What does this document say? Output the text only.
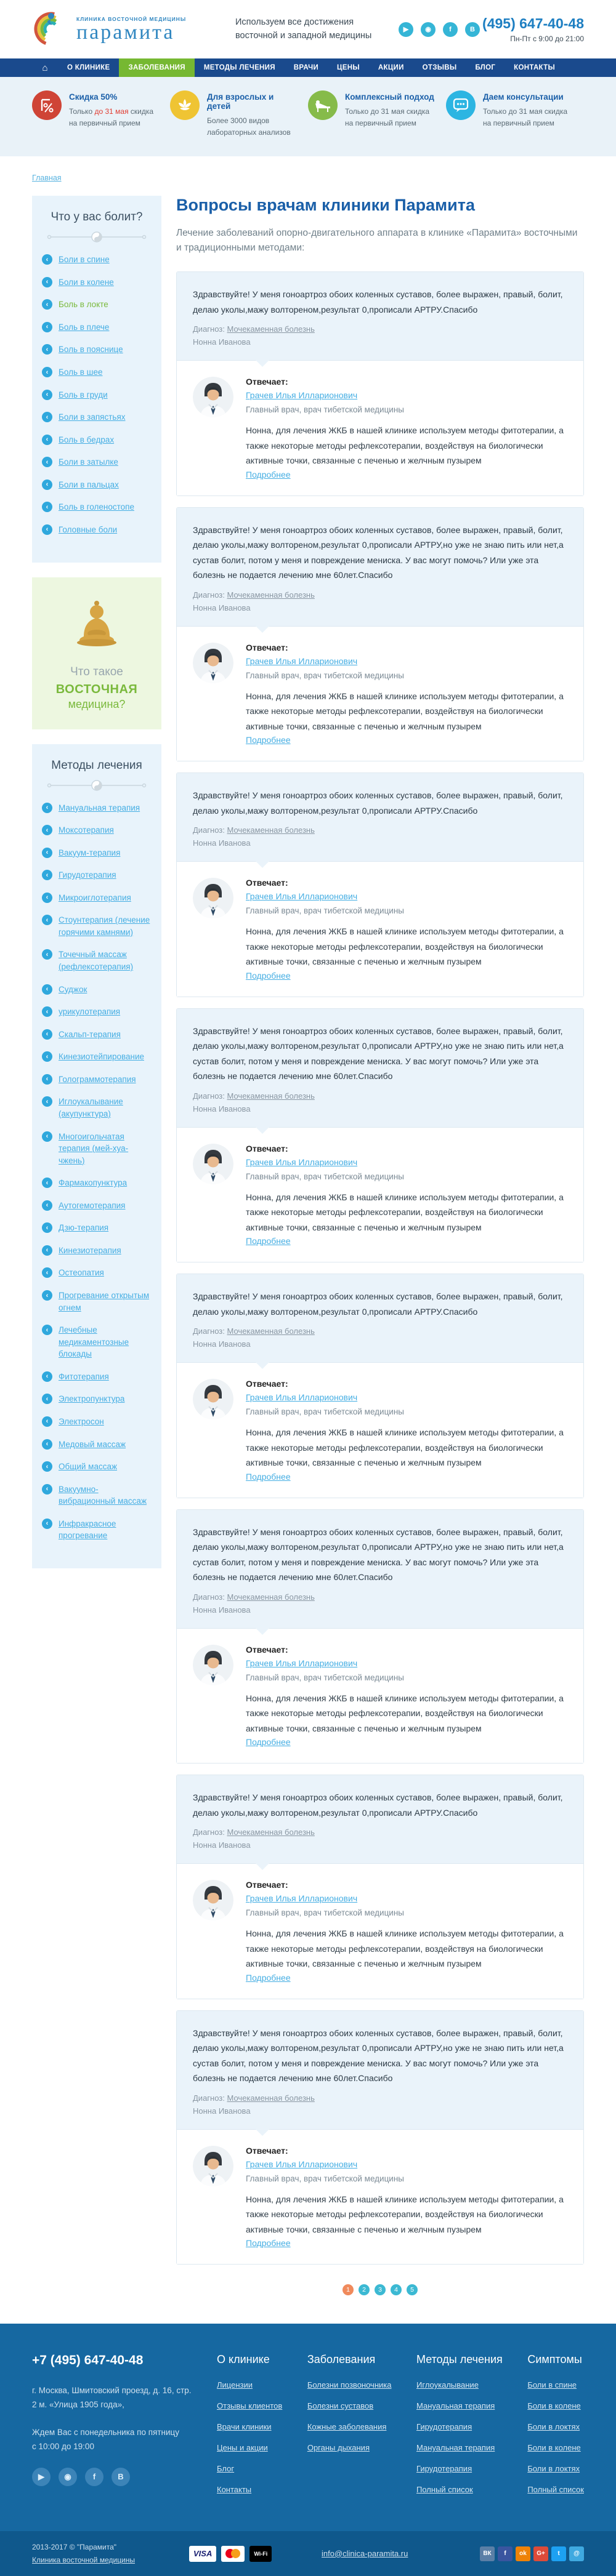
КЛИНИКА ВОСТОЧНОЙ МЕДИЦИНЫ
парамита	Используем все достижения
восточной и западной медицины
▶	◉	f	В (495) 647-40-48
Пн-Пт с 9:00 до 21:00
⌂	О КЛИНИКЕ	ЗАБОЛЕВАНИЯ	МЕТОДЫ ЛЕЧЕНИЯ	ВРАЧИ	ЦЕНЫ	АКЦИИ	ОТЗЫВЫ	БЛОГ	КОНТАКТЫ
Скидка 50%
Только до 31 мая скидка на первичный прием
Для взрослых и детей
Более 3000 видов лабораторных анализов
Комплексный подход
Только до 31 мая скидка на первичный прием
Даем консультации
Только до 31 мая скидка на первичный прием
Главная
Что у вас болит?
‹	Боли в спине
‹	Боли в колене
‹	Боль в локте
‹	Боль в плече
‹	Боль в пояснице
‹	Боль в шее
‹	Боль в груди
‹	Боли в запястьях
‹	Боль в бедрах
‹	Боли в затылке
‹	Боли в пальцах
‹	Боль в голеностопе
‹	Головные боли
Что такое
ВОСТОЧНАЯ
медицина?
Методы лечения
‹	Мануальная терапия
‹	Моксотерапия
‹	Вакуум-терапия
‹	Гирудотерапия
‹	Микроиглотерапия
‹	Стоунтерапия (лечение горячими камнями)
‹	Точечный массаж (рефлексотерапия)
‹	Суджок
‹	урикулотерапия
‹	Скальп-терапия
‹	Кинезиотейпирование
‹	Голограммотерапия
‹	Иглоукалывание (акупунктура)
‹	Многоигольчатая терапия (мей-хуа-чжень)
‹	Фармакопунктура
‹	Аутогемотерапия
‹	Дзю-терапия
‹	Кинезиотерапия
‹	Остеопатия
‹	Прогревание открытым огнем
‹	Лечебные медикаментозные блокады
‹	Фитотерапия
‹	Электропунктура
‹	Электросон
‹	Медовый массаж
‹	Общий массаж
‹	Вакуумно-вибрационный массаж
‹	Инфракрасное прогревание
Вопросы врачам клиники Парамита

Лечение заболеваний опорно-двигательного аппарата в клинике «Парамита» восточными и традиционными методами:

Здравствуйте! У меня гоноартроз обоих коленных суставов, более выражен, правый, болит, делаю уколы,мажу волтореном,результат 0,прописали АРТРУ.Спасибо

Диагноз: Мочекаменная болезнь

Нонна Иванова

Отвечает:

Грачев Илья Илларионович

Главный врач, врач тибетской медицины

Нонна, для лечения ЖКБ в нашей клинике используем методы фитотерапии, а также некоторые методы рефлексотерапии, воздействуя на биологически активные точки, связанные с печенью и желчным пузырем

Подробнее

Здравствуйте! У меня гоноартроз обоих коленных суставов, более выражен, правый, болит, делаю уколы,мажу волтореном,результат 0,прописали АРТРУ,но уже не знаю пить или нет,а сустав болит, потом у меня и повреждение мениска. У вас могут помочь? Или уже эта болезнь не подается лечению мне 60лет.Спасибо

Диагноз: Мочекаменная болезнь

Нонна Иванова

Отвечает:

Грачев Илья Илларионович

Главный врач, врач тибетской медицины

Нонна, для лечения ЖКБ в нашей клинике используем методы фитотерапии, а также некоторые методы рефлексотерапии, воздействуя на биологически активные точки, связанные с печенью и желчным пузырем

Подробнее

Здравствуйте! У меня гоноартроз обоих коленных суставов, более выражен, правый, болит, делаю уколы,мажу волтореном,результат 0,прописали АРТРУ.Спасибо

Диагноз: Мочекаменная болезнь

Нонна Иванова

Отвечает:

Грачев Илья Илларионович

Главный врач, врач тибетской медицины

Нонна, для лечения ЖКБ в нашей клинике используем методы фитотерапии, а также некоторые методы рефлексотерапии, воздействуя на биологически активные точки, связанные с печенью и желчным пузырем

Подробнее

Здравствуйте! У меня гоноартроз обоих коленных суставов, более выражен, правый, болит, делаю уколы,мажу волтореном,результат 0,прописали АРТРУ,но уже не знаю пить или нет,а сустав болит, потом у меня и повреждение мениска. У вас могут помочь? Или уже эта болезнь не подается лечению мне 60лет.Спасибо

Диагноз: Мочекаменная болезнь

Нонна Иванова

Отвечает:

Грачев Илья Илларионович

Главный врач, врач тибетской медицины

Нонна, для лечения ЖКБ в нашей клинике используем методы фитотерапии, а также некоторые методы рефлексотерапии, воздействуя на биологически активные точки, связанные с печенью и желчным пузырем

Подробнее

Здравствуйте! У меня гоноартроз обоих коленных суставов, более выражен, правый, болит, делаю уколы,мажу волтореном,результат 0,прописали АРТРУ.Спасибо

Диагноз: Мочекаменная болезнь

Нонна Иванова

Отвечает:

Грачев Илья Илларионович

Главный врач, врач тибетской медицины

Нонна, для лечения ЖКБ в нашей клинике используем методы фитотерапии, а также некоторые методы рефлексотерапии, воздействуя на биологически активные точки, связанные с печенью и желчным пузырем

Подробнее

Здравствуйте! У меня гоноартроз обоих коленных суставов, более выражен, правый, болит, делаю уколы,мажу волтореном,результат 0,прописали АРТРУ,но уже не знаю пить или нет,а сустав болит, потом у меня и повреждение мениска. У вас могут помочь? Или уже эта болезнь не подается лечению мне 60лет.Спасибо

Диагноз: Мочекаменная болезнь

Нонна Иванова

Отвечает:

Грачев Илья Илларионович

Главный врач, врач тибетской медицины

Нонна, для лечения ЖКБ в нашей клинике используем методы фитотерапии, а также некоторые методы рефлексотерапии, воздействуя на биологически активные точки, связанные с печенью и желчным пузырем

Подробнее

Здравствуйте! У меня гоноартроз обоих коленных суставов, более выражен, правый, болит, делаю уколы,мажу волтореном,результат 0,прописали АРТРУ.Спасибо

Диагноз: Мочекаменная болезнь

Нонна Иванова

Отвечает:

Грачев Илья Илларионович

Главный врач, врач тибетской медицины

Нонна, для лечения ЖКБ в нашей клинике используем методы фитотерапии, а также некоторые методы рефлексотерапии, воздействуя на биологически активные точки, связанные с печенью и желчным пузырем

Подробнее

Здравствуйте! У меня гоноартроз обоих коленных суставов, более выражен, правый, болит, делаю уколы,мажу волтореном,результат 0,прописали АРТРУ,но уже не знаю пить или нет,а сустав болит, потом у меня и повреждение мениска. У вас могут помочь? Или уже эта болезнь не подается лечению мне 60лет.Спасибо

Диагноз: Мочекаменная болезнь

Нонна Иванова

Отвечает:

Грачев Илья Илларионович

Главный врач, врач тибетской медицины

Нонна, для лечения ЖКБ в нашей клинике используем методы фитотерапии, а также некоторые методы рефлексотерапии, воздействуя на биологически активные точки, связанные с печенью и желчным пузырем

Подробнее
1	2	3	4	5
+7 (495) 647-40-48
г. Москва, Шмитовский проезд, д. 16, стр.
2 м. «Улица 1905 года»,
Ждем Вас с понедельника по пятницу
с 10:00 до 19:00
▶	◉	f	В
О клинике
Лицензии
Отзывы клиентов
Врачи клиники
Цены и акции
Блог
Контакты
Заболевания
Болезни позвоночника
Болезни суставов
Кожные заболевания
Органы дыхания
Методы лечения
Иглоукалывание
Мануальная терапия
Гирудотерапия
Мануальная терапия
Гирудотерапия
Полный список
Симптомы
Боли в спине
Боли в колене
Боли в локтях
Боли в колене
Боли в локтях
Полный список
2013-2017 © "Парамита"
Клиника восточной медицины
VISA	Wi-Fi	info@clinica-paramita.ru	ВК	f	ok	G+	t	@
